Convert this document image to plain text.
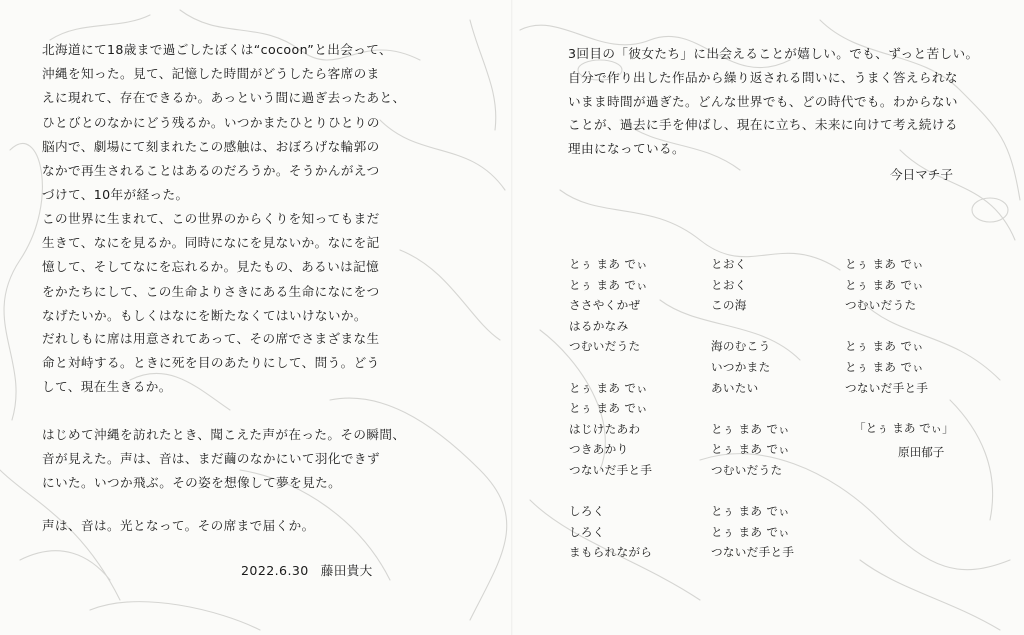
北海道にて18歳まで過ごしたぼくは“cocoon”と出会って、
沖縄を知った。見て、記憶した時間がどうしたら客席のま
えに現れて、存在できるか。あっという間に過ぎ去ったあと、
ひとびとのなかにどう残るか。いつかまたひとりひとりの
脳内で、劇場にて刻まれたこの感触は、おぼろげな輪郭の
なかで再生されることはあるのだろうか。そうかんがえつ
づけて、10年が経った。
この世界に生まれて、この世界のからくりを知ってもまだ
生きて、なにを見るか。同時になにを見ないか。なにを記
憶して、そしてなにを忘れるか。見たもの、あるいは記憶
をかたちにして、この生命よりさきにある生命になにをつ
なげたいか。もしくはなにを断たなくてはいけないか。
だれしもに席は用意されてあって、その席でさまざまな生
命と対峙する。ときに死を目のあたりにして、問う。どう
して、現在生きるか。
はじめて沖縄を訪れたとき、聞こえた声が在った。その瞬間、
音が見えた。声は、音は、まだ繭のなかにいて羽化できず
にいた。いつか飛ぶ。その姿を想像して夢を見た。
声は、音は。光となって。その席まで届くか。
2022.6.30 藤田貴大
3回目の「彼女たち」に出会えることが嬉しい。でも、ずっと苦しい。
自分で作り出した作品から繰り返される問いに、うまく答えられな
いまま時間が過ぎた。どんな世界でも、どの時代でも。わからない
ことが、過去に手を伸ばし、現在に立ち、未来に向けて考え続ける
理由になっている。
今日マチ子
とぅ まあ でぃ
とぅ まあ でぃ
ささやくかぜ
はるかなみ
つむいだうた
とぅ まあ でぃ
とぅ まあ でぃ
はじけたあわ
つきあかり
つないだ手と手
しろく
しろく
まもられながら
とおく
とおく
この海
海のむこう
いつかまた
あいたい
とぅ まあ でぃ
とぅ まあ でぃ
つむいだうた
とぅ まあ でぃ
とぅ まあ でぃ
つないだ手と手
とぅ まあ でぃ
とぅ まあ でぃ
つむいだうた
とぅ まあ でぃ
とぅ まあ でぃ
つないだ手と手
「とぅ まあ でぃ」
原田郁子
